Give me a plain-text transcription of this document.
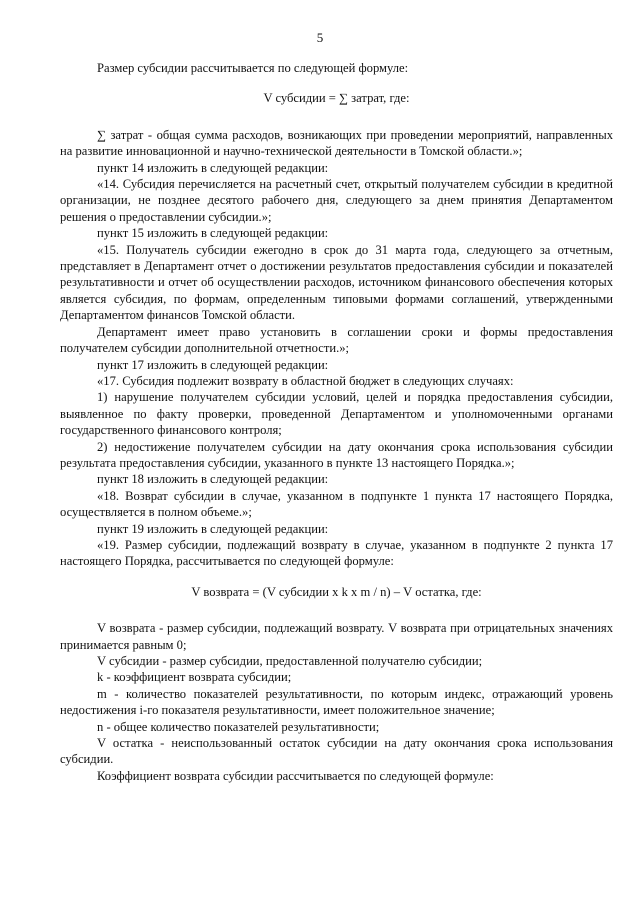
5

Размер субсидии рассчитывается по следующей формуле:

V субсидии = ∑ затрат, где:

∑ затрат - общая сумма расходов, возникающих при проведении мероприятий, направленных на развитие инновационной и научно-технической деятельности в Томской области.»;

пункт 14 изложить в следующей редакции:

«14. Субсидия перечисляется на расчетный счет, открытый получателем субсидии в кредитной организации, не позднее десятого рабочего дня, следующего за днем принятия Департаментом решения о предоставлении субсидии.»;

пункт 15 изложить в следующей редакции:

«15. Получатель субсидии ежегодно в срок до 31 марта года, следующего за отчетным, представляет в Департамент отчет о достижении результатов предоставления субсидии и показателей результативности и отчет об осуществлении расходов, источником финансового обеспечения которых является субсидия, по формам, определенным типовыми формами соглашений, утвержденными Департаментом финансов Томской области.

Департамент имеет право установить в соглашении сроки и формы предоставления получателем субсидии дополнительной отчетности.»;

пункт 17 изложить в следующей редакции:

«17. Субсидия подлежит возврату в областной бюджет в следующих случаях:

1) нарушение получателем субсидии условий, целей и порядка предоставления субсидии, выявленное по факту проверки, проведенной Департаментом и уполномоченными органами государственного финансового контроля;

2) недостижение получателем субсидии на дату окончания срока использования субсидии результата предоставления субсидии, указанного в пункте 13 настоящего Порядка.»;

пункт 18 изложить в следующей редакции:

«18. Возврат субсидии в случае, указанном в подпункте 1 пункта 17 настоящего Порядка, осуществляется в полном объеме.»;

пункт 19 изложить в следующей редакции:

«19. Размер субсидии, подлежащий возврату в случае, указанном в подпункте 2 пункта 17 настоящего Порядка, рассчитывается по следующей формуле:

V возврата = (V субсидии x k x m / n) – V остатка, где:

V возврата - размер субсидии, подлежащий возврату. V возврата при отрицательных значениях принимается равным 0;

V субсидии - размер субсидии, предоставленной получателю субсидии;

k - коэффициент возврата субсидии;

m - количество показателей результативности, по которым индекс, отражающий уровень недостижения i-го показателя результативности, имеет положительное значение;

n - общее количество показателей результативности;

V остатка - неиспользованный остаток субсидии на дату окончания срока использования субсидии.

Коэффициент возврата субсидии рассчитывается по следующей формуле:
